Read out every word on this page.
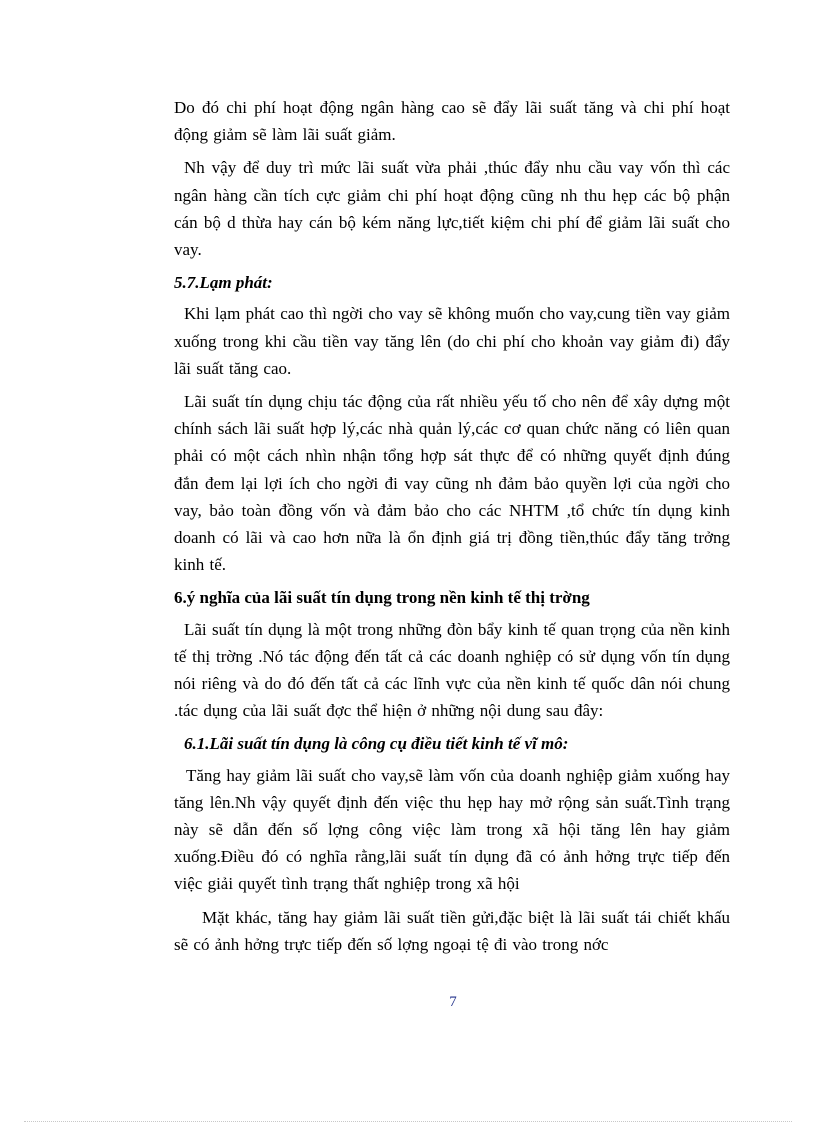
Do đó chi phí hoạt động ngân hàng cao sẽ đẩy lãi suất tăng và chi phí hoạt động giảm sẽ làm lãi suất giảm.

Nh vậy để duy trì mức lãi suất vừa phải ,thúc đẩy nhu cầu vay vốn thì các ngân hàng cần tích cực giảm chi phí hoạt động cũng nh thu hẹp các bộ phận cán bộ d thừa hay cán bộ kém năng lực,tiết kiệm chi phí để giảm lãi suất cho vay.

5.7.Lạm phát:

Khi lạm phát cao thì ngời cho vay sẽ không muốn cho vay,cung tiền vay giảm xuống trong khi cầu tiền vay tăng lên (do chi phí cho khoản vay giảm đi) đẩy lãi suất tăng cao.

Lãi suất tín dụng chịu tác động của rất nhiều yếu tố cho nên để xây dựng một chính sách lãi suất hợp lý,các nhà quản lý,các cơ quan chức năng có liên quan phải có một cách nhìn nhận tổng hợp sát thực để có những quyết định đúng đắn đem lại lợi ích cho ngời đi vay cũng nh đảm bảo quyền lợi của ngời cho vay, bảo toàn đồng vốn và đảm bảo cho các NHTM ,tổ chức tín dụng kinh doanh có lãi và cao hơn nữa là ổn định giá trị đồng tiền,thúc đẩy tăng trởng kinh tế.

6.ý nghĩa của lãi suất tín dụng trong nền kinh tế thị trờng

Lãi suất tín dụng là một trong những đòn bẩy kinh tế quan trọng của nền kinh tế thị trờng .Nó tác động đến tất cả các doanh nghiệp có sử dụng vốn tín dụng nói riêng và do đó đến tất cả các lĩnh vực của nền kinh tế quốc dân nói chung .tác dụng của lãi suất đợc thể hiện ở những nội dung sau đây:

6.1.Lãi suất tín dụng là công cụ điều tiết kinh tế vĩ mô:

Tăng hay giảm lãi suất cho vay,sẽ làm vốn của doanh nghiệp giảm xuống hay tăng lên.Nh vậy quyết định đến việc thu hẹp hay mở rộng sản suất.Tình trạng này sẽ dẫn đến số lợng công việc làm trong xã hội tăng lên hay giảm xuống.Điều đó có nghĩa rằng,lãi suất tín dụng đã có ảnh hởng trực tiếp đến việc giải quyết tình trạng thất nghiệp trong xã hội

Mặt khác, tăng hay giảm lãi suất tiền gửi,đặc biệt là lãi suất tái chiết khấu sẽ có ảnh hởng trực tiếp đến số lợng ngoại tệ đi vào trong nớc

7
